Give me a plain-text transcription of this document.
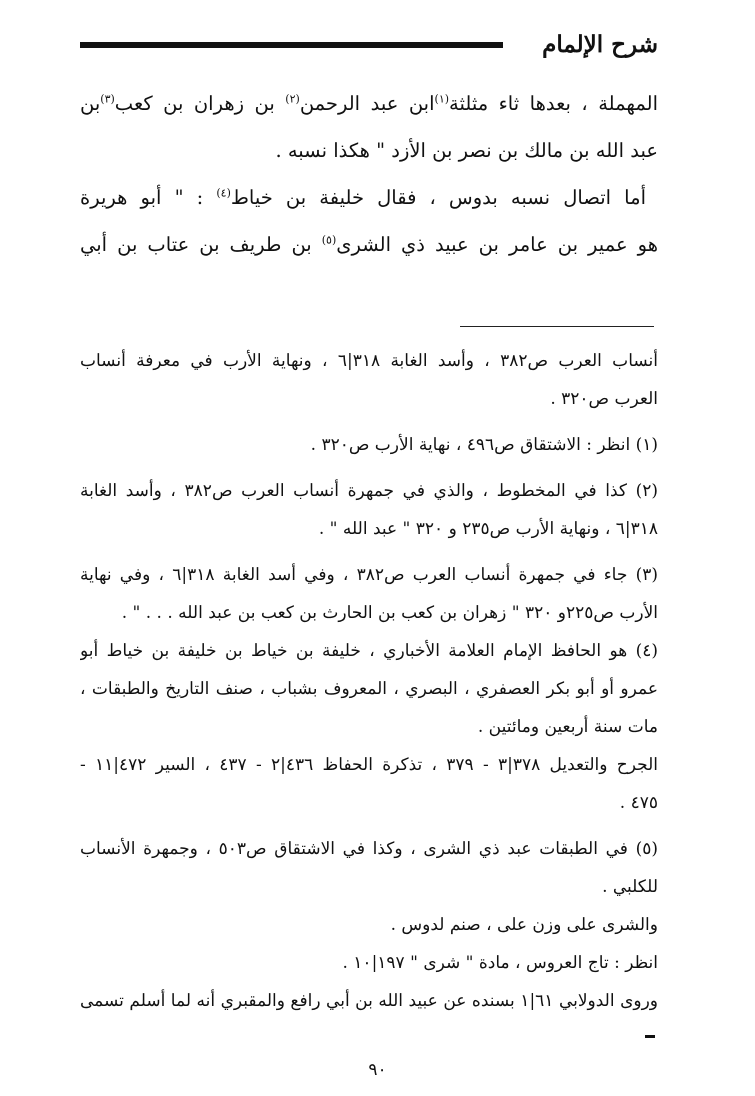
شرح الإلمام
المهملة ، بعدها ثاء مثلثة$^{(١)}$ابن عبد الرحمن$^{(٢)}$ بن زهران بن كعب$^{(٣)}$بن
عبد الله بن مالك بن نصر بن الأزد " هكذا نسبه .
أما اتصال نسبه بدوس ، فقال خليفة بن خياط$^{(٤)}$ : " أبو هريرة
هو عمير بن عامر بن عبيد ذي الشرى$^{(٥)}$ بن طريف بن عتاب بن أبي
أنساب العرب ص٣٨٢ ، وأسد الغابة ٣١٨|٦ ، ونهاية الأرب في معرفة أنساب
العرب ص٣٢٠ .
(١) انظر : الاشتقاق ص٤٩٦ ، نهاية الأرب ص٣٢٠ .
(٢) كذا في المخطوط ، والذي في جمهرة أنساب العرب ص٣٨٢ ، وأسد الغابة
٣١٨|٦ ، ونهاية الأرب ص٢٣٥ و ٣٢٠ " عبد الله " .
(٣) جاء في جمهرة أنساب العرب ص٣٨٢ ، وفي أسد الغابة ٣١٨|٦ ، وفي نهاية
الأرب ص٢٢٥و ٣٢٠ " زهران بن كعب بن الحارث بن كعب بن عبد الله . . . " .
(٤) هو الحافظ الإمام العلامة الأخباري ، خليفة بن خياط بن خليفة بن خياط أبو
عمرو أو أبو بكر العصفري ، البصري ، المعروف بشباب ، صنف التاريخ والطبقات ،
مات سنة أربعين ومائتين .
الجرح والتعديل ٣٧٨|٣ - ٣٧٩ ، تذكرة الحفاظ ٤٣٦|٢ - ٤٣٧ ، السير ٤٧٢|١١ -
٤٧٥ .
(٥) في الطبقات عبد ذي الشرى ، وكذا في الاشتقاق ص٥٠٣ ، وجمهرة الأنساب
للكلبي .
والشرى على وزن على ، صنم لدوس .
انظر : تاج العروس ، مادة " شرى " ١٩٧|١٠ .
وروى الدولابي ٦١|١ بسنده عن عبيد الله بن أبي رافع والمقبري أنه لما أسلم تسمى
٩٠
